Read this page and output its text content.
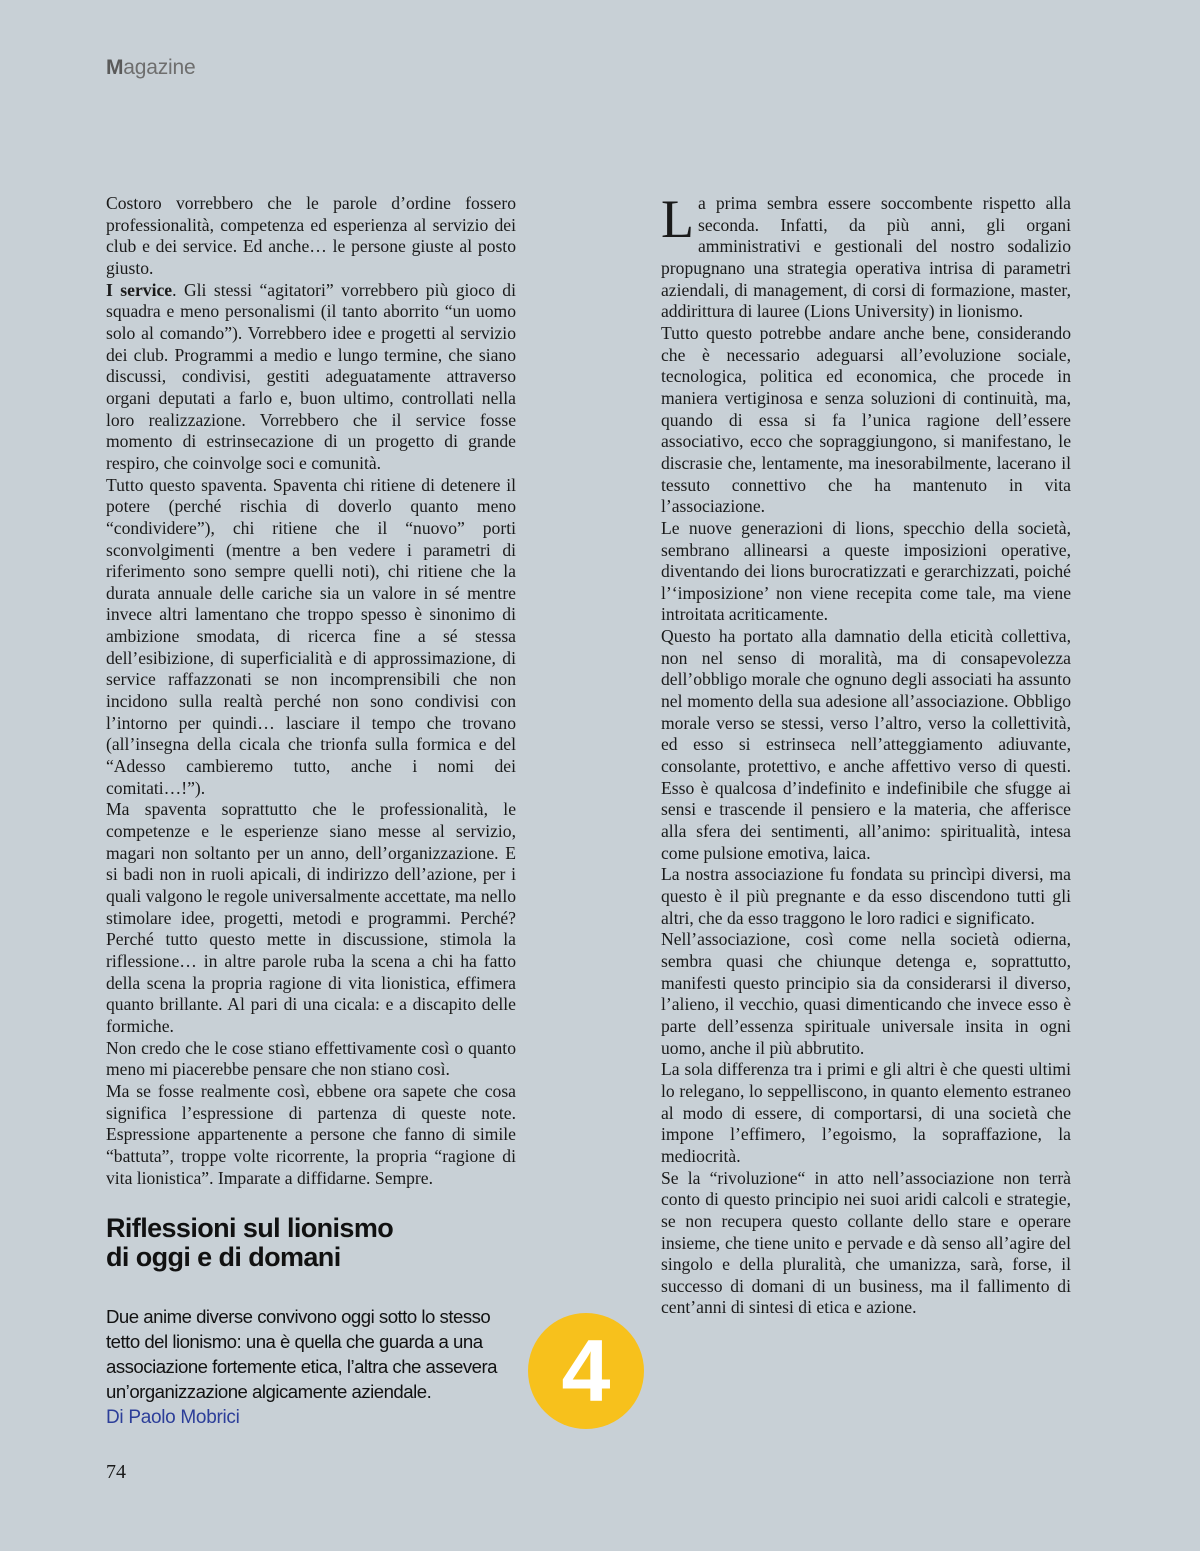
Magazine

Costoro vorrebbero che le parole d’ordine fossero professionalità, competenza ed esperienza al servizio dei club e dei service. Ed anche… le persone giuste al posto giusto.

I service. Gli stessi “agitatori” vorrebbero più gioco di squadra e meno personalismi (il tanto aborrito “un uomo solo al comando”). Vorrebbero idee e progetti al servizio dei club. Programmi a medio e lungo termine, che siano discussi, condivisi, gestiti adeguatamente attraverso organi deputati a farlo e, buon ultimo, controllati nella loro realizzazione. Vorrebbero che il service fosse momento di estrinsecazione di un progetto di grande respiro, che coinvolge soci e comunità.

Tutto questo spaventa. Spaventa chi ritiene di detenere il potere (perché rischia di doverlo quanto meno “condividere”), chi ritiene che il “nuovo” porti sconvolgimenti (mentre a ben vedere i parametri di riferimento sono sempre quelli noti), chi ritiene che la durata annuale delle cariche sia un valore in sé mentre invece altri lamentano che troppo spesso è sinonimo di ambizione smodata, di ricerca fine a sé stessa dell’esibizione, di superficialità e di approssimazione, di service raffazzonati se non incomprensibili che non incidono sulla realtà perché non sono condivisi con l’intorno per quindi… lasciare il tempo che trovano (all’insegna della cicala che trionfa sulla formica e del “Adesso cambieremo tutto, anche i nomi dei comitati…!”).

Ma spaventa soprattutto che le professionalità, le competenze e le esperienze siano messe al servizio, magari non soltanto per un anno, dell’organizzazione. E si badi non in ruoli apicali, di indirizzo dell’azione, per i quali valgono le regole universalmente accettate, ma nello stimolare idee, progetti, metodi e programmi. Perché? Perché tutto questo mette in discussione, stimola la riflessione… in altre parole ruba la scena a chi ha fatto della scena la propria ragione di vita lionistica, effimera quanto brillante. Al pari di una cicala: e a discapito delle formiche.

Non credo che le cose stiano effettivamente così o quanto meno mi piacerebbe pensare che non stiano così.

Ma se fosse realmente così, ebbene ora sapete che cosa significa l’espressione di partenza di queste note. Espressione appartenente a persone che fanno di simile “battuta”, troppe volte ricorrente, la propria “ragione di vita lionistica”. Imparate a diffidarne. Sempre.

Riflessioni sul lionismo
di oggi e di domani

Due anime diverse convivono oggi sotto lo stesso tetto del lionismo: una è quella che guarda a una associazione fortemente etica, l’altra che assevera un’organizzazione algicamente aziendale.

Di Paolo Mobrici	4

La prima sembra essere soccombente rispetto alla seconda. Infatti, da più anni, gli organi amministrativi e gestionali del nostro sodalizio propugnano una strategia operativa intrisa di parametri aziendali, di management, di corsi di formazione, master, addirittura di lauree (Lions University) in lionismo.

Tutto questo potrebbe andare anche bene, considerando che è necessario adeguarsi all’evoluzione sociale, tecnologica, politica ed economica, che procede in maniera vertiginosa e senza soluzioni di continuità, ma, quando di essa si fa l’unica ragione dell’essere associativo, ecco che sopraggiungono, si manifestano, le discrasie che, lentamente, ma inesorabilmente, lacerano il tessuto connettivo che ha mantenuto in vita l’associazione.

Le nuove generazioni di lions, specchio della società, sembrano allinearsi a queste imposizioni operative, diventando dei lions burocratizzati e gerarchizzati, poiché l’‘imposizione’ non viene recepita come tale, ma viene introitata acriticamente.

Questo ha portato alla damnatio della eticità collettiva, non nel senso di moralità, ma di consapevolezza dell’obbligo morale che ognuno degli associati ha assunto nel momento della sua adesione all’associazione. Obbligo morale verso se stessi, verso l’altro, verso la collettività, ed esso si estrinseca nell’atteggiamento adiuvante, consolante, protettivo, e anche affettivo verso di questi. Esso è qualcosa d’indefinito e indefinibile che sfugge ai sensi e trascende il pensiero e la materia, che afferisce alla sfera dei sentimenti, all’animo: spiritualità, intesa come pulsione emotiva, laica.

La nostra associazione fu fondata su princìpi diversi, ma questo è il più pregnante e da esso discendono tutti gli altri, che da esso traggono le loro radici e significato.

Nell’associazione, così come nella società odierna, sembra quasi che chiunque detenga e, soprattutto, manifesti questo principio sia da considerarsi il diverso, l’alieno, il vecchio, quasi dimenticando che invece esso è parte dell’essenza spirituale universale insita in ogni uomo, anche il più abbrutito.

La sola differenza tra i primi e gli altri è che questi ultimi lo relegano, lo seppelliscono, in quanto elemento estraneo al modo di essere, di comportarsi, di una società che impone l’effimero, l’egoismo, la sopraffazione, la mediocrità.

Se la “rivoluzione“ in atto nell’associazione non terrà conto di questo principio nei suoi aridi calcoli e strategie, se non recupera questo collante dello stare e operare insieme, che tiene unito e pervade e dà senso all’agire del singolo e della pluralità, che umanizza, sarà, forse, il successo di domani di un business, ma il fallimento di cent’anni di sintesi di etica e azione.

74
